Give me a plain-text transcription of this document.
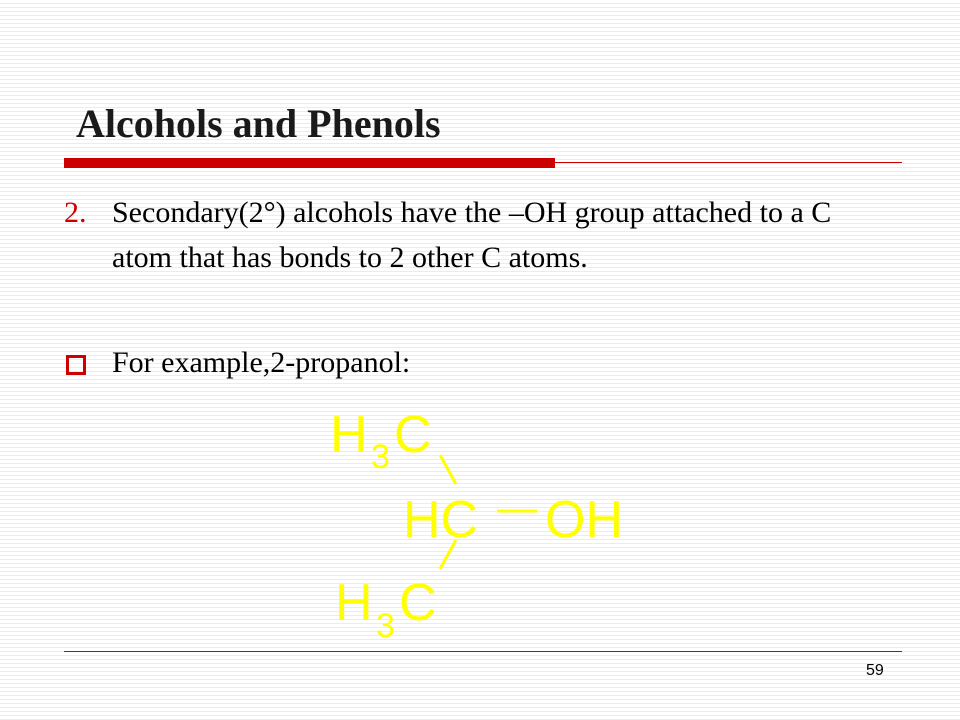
Alcohols and Phenols
2. Secondary(2°) alcohols have the –OH group attached to a C atom that has bonds to 2 other C atoms.
For example,2-propanol:
H 3 C
HC OH
H 3 C
59
